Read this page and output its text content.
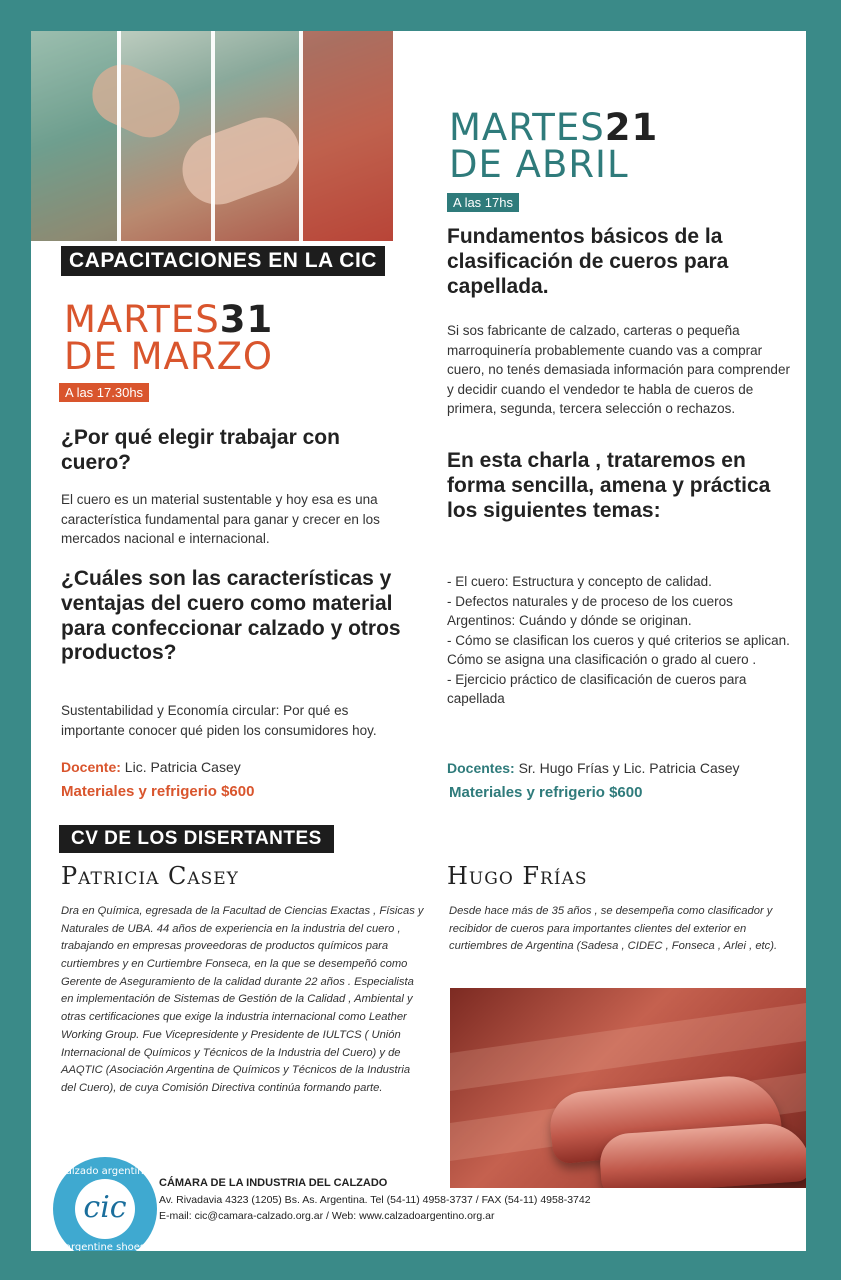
CAPACITACIONES EN LA CIC
MARTES31
DE MARZO
A las 17.30hs
¿Por qué elegir trabajar con cuero?

El cuero es un material sustentable y hoy esa es una característica fundamental para ganar y crecer en los mercados nacional e internacional.

¿Cuáles son las características y ventajas del cuero como material para confeccionar calzado y otros productos?

Sustentabilidad y Economía circular: Por qué es importante conocer qué piden los consumidores hoy.

Docente: Lic. Patricia Casey
Materiales y refrigerio $600
MARTES21
DE ABRIL
A las 17hs
Fundamentos básicos de la clasificación de cueros para capellada.

Si sos fabricante de calzado, carteras o pequeña marroquinería probablemente cuando vas a comprar cuero, no tenés demasiada información para comprender y decidir cuando el vendedor te habla de cueros de primera, segunda, tercera selección o rechazos.

En esta charla , trataremos en forma sencilla, amena y práctica los siguientes temas:
- El cuero: Estructura y concepto de calidad.
- Defectos naturales y de proceso de los cueros Argentinos: Cuándo y dónde se originan.
- Cómo se clasifican los cueros y qué criterios se aplican. Cómo se asigna una clasificación o grado al cuero .
- Ejercicio práctico de clasificación de cueros para capellada
Docentes: Sr. Hugo Frías y Lic. Patricia Casey
Materiales y refrigerio $600
CV DE LOS DISERTANTES
Patricia Casey

Dra en Química, egresada de la Facultad de Ciencias Exactas , Físicas y Naturales de UBA. 44 años de experiencia en la industria del cuero , trabajando en empresas proveedoras de productos químicos para curtiembres y en Curtiembre Fonseca, en la que se desempeñó como Gerente de Aseguramiento de la calidad durante 22 años . Especialista en implementación de Sistemas de Gestión de la Calidad , Ambiental y otras certificaciones que exige la industria internacional como Leather Working Group. Fue Vicepresidente y Presidente de IULTCS ( Unión Internacional de Químicos y Técnicos de la Industria del Cuero) y de AAQTIC (Asociación Argentina de Químicos y Técnicos de la Industria del Cuero), de cuya Comisión Directiva continúa formando parte.

Hugo Frías

Desde hace más de 35 años , se desempeña como clasificador y recibidor de cueros para importantes clientes del exterior en curtiembres de Argentina (Sadesa , CIDEC , Fonseca , Arlei , etc).

calzado argentino
cic
argentine shoes
CÁMARA DE LA INDUSTRIA DEL CALZADO
Av. Rivadavia 4323 (1205) Bs. As. Argentina. Tel (54-11) 4958-3737 / FAX (54-11) 4958-3742
E-mail: cic@camara-calzado.org.ar / Web: www.calzadoargentino.org.ar
